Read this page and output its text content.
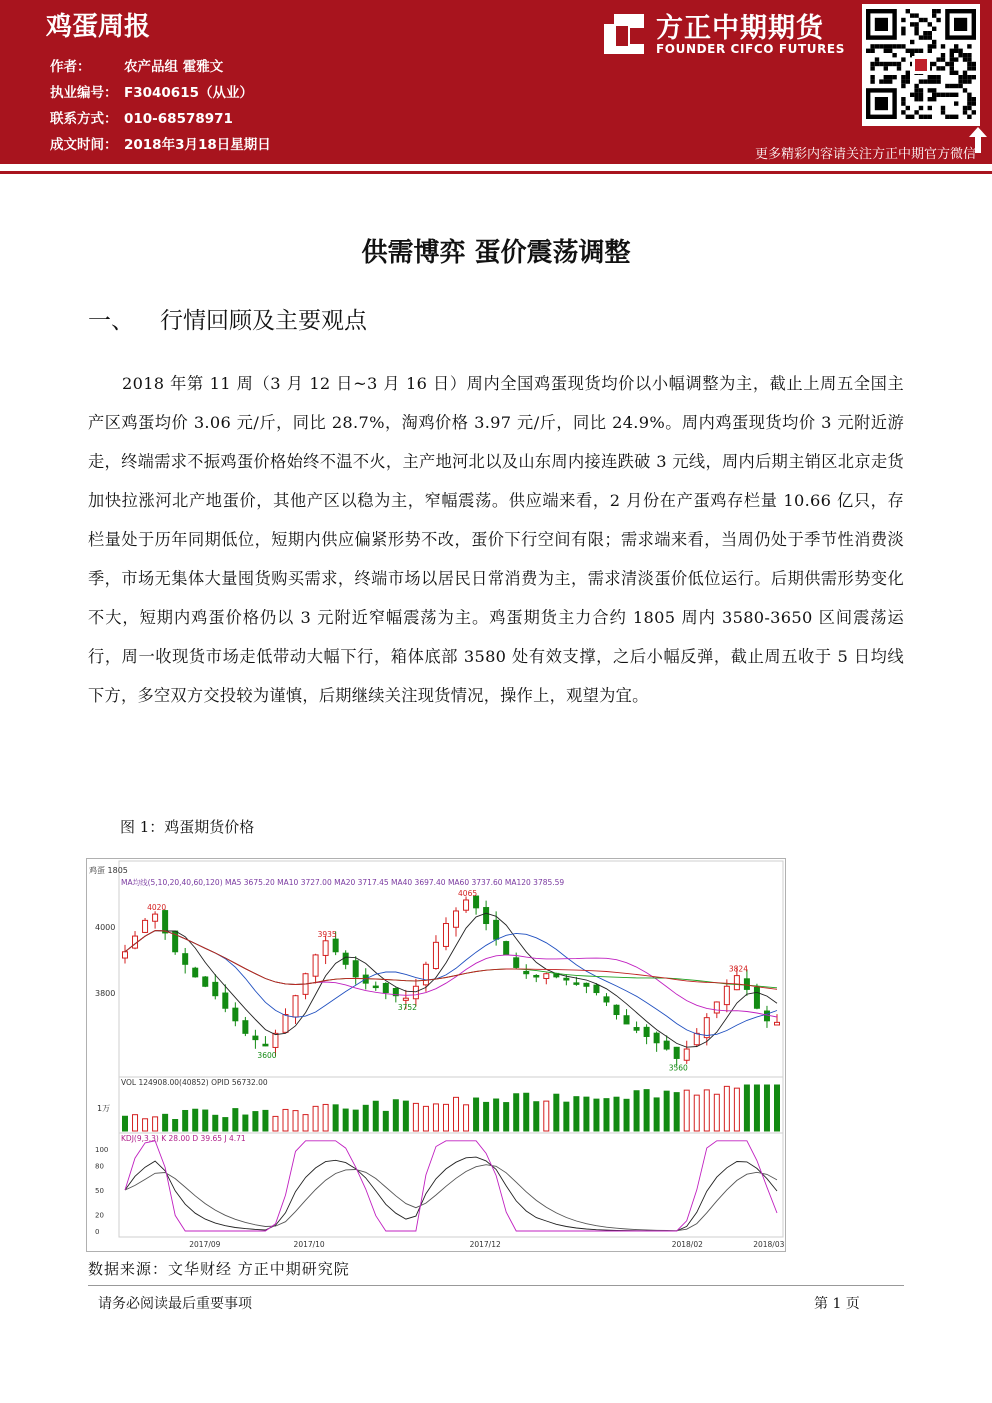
鸡蛋周报
作者： 农产品组 霍雅文
执业编号： F3040615（从业）
联系方式： 010-68578971
成文时间： 2018年3月18日星期日
方正中期期货
FOUNDER CIFCO FUTURES
更多精彩内容请关注方正中期官方微信
供需博弈 蛋价震荡调整
一、 行情回顾及主要观点
2018 年第 11 周（3 月 12 日~3 月 16 日）周内全国鸡蛋现货均价以小幅调整为主，截止上周五全国主产区鸡蛋均价 3.06 元/斤，同比 28.7%，淘鸡价格 3.97 元/斤，同比 24.9%。周内鸡蛋现货均价 3 元附近游走，终端需求不振鸡蛋价格始终不温不火，主产地河北以及山东周内接连跌破 3 元线，周内后期主销区北京走货加快拉涨河北产地蛋价，其他产区以稳为主，窄幅震荡。供应端来看，2 月份在产蛋鸡存栏量 10.66 亿只，存栏量处于历年同期低位，短期内供应偏紧形势不改，蛋价下行空间有限；需求端来看，当周仍处于季节性消费淡季，市场无集体大量囤货购买需求，终端市场以居民日常消费为主，需求清淡蛋价低位运行。后期供需形势变化不大，短期内鸡蛋价格仍以 3 元附近窄幅震荡为主。鸡蛋期货主力合约 1805 周内 3580-3650 区间震荡运行，周一收现货市场走低带动大幅下行，箱体底部 3580 处有效支撑，之后小幅反弹，截止周五收于 5 日均线下方，多空双方交投较为谨慎，后期继续关注现货情况，操作上，观望为宜。
图 1：鸡蛋期货价格
鸡蛋 1805
MA均线(5,10,20,40,60,120) MA5 3675.20 MA10 3727.00 MA20 3717.45 MA40 3697.40 MA60 3737.60 MA120 3785.59
4000
3800
VOL 124908.00(40852) OPID 56732.00
1万
KDJ(9,3,3) K 28.00 D 39.65 J 4.71
100
80
50
20
0
4020
3935
3600
3752
4065
3824
3560
2017/09	2017/10	2017/12	2018/02	2018/03
数据来源：文华财经 方正中期研究院
请务必阅读最后重要事项	第 1 页
